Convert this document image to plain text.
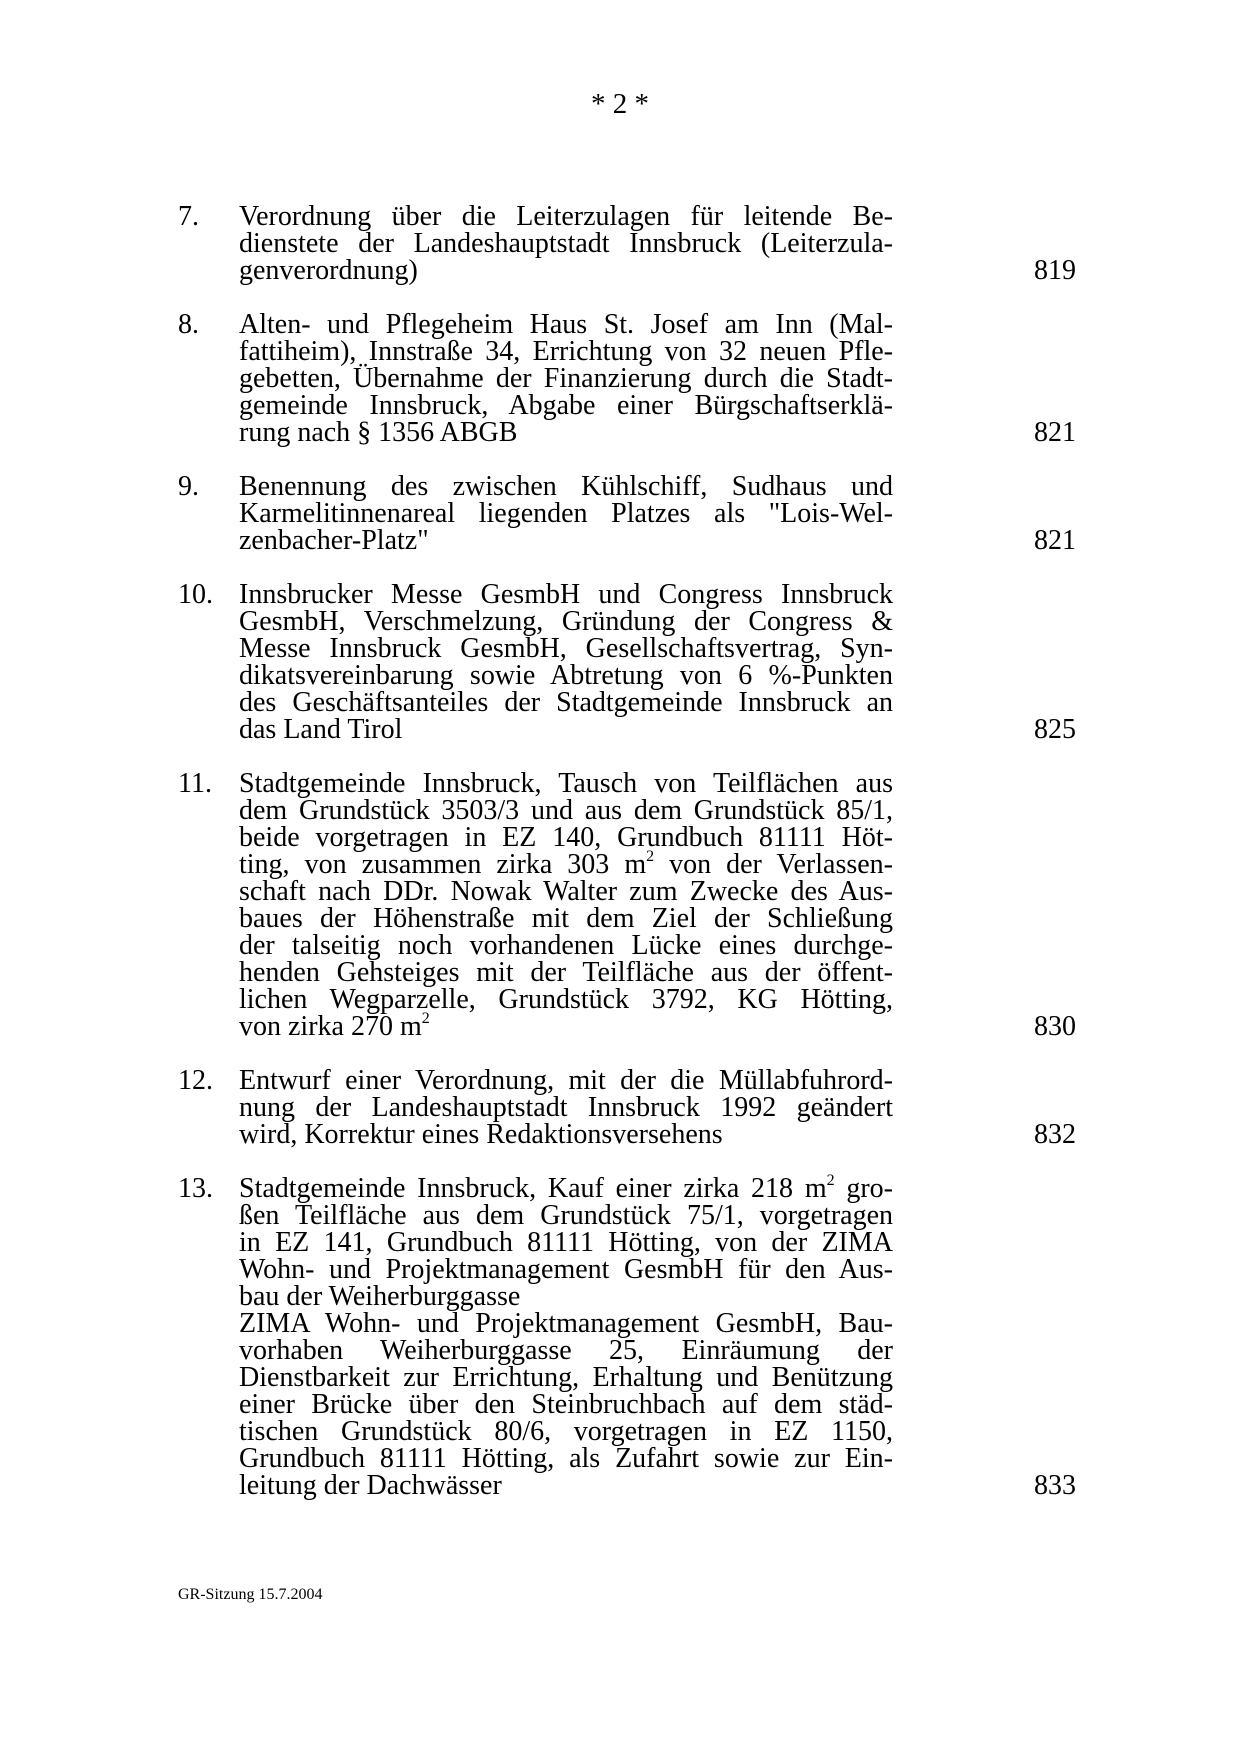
* 2 *
7. Verordnung über die Leiterzulagen für leitende Be-
dienstete der Landeshauptstadt Innsbruck (Leiterzula-
genverordnung)	819
8. Alten- und Pflegeheim Haus St. Josef am Inn (Mal-
fattiheim), Innstraße 34, Errichtung von 32 neuen Pfle-
gebetten, Übernahme der Finanzierung durch die Stadt-
gemeinde Innsbruck, Abgabe einer Bürgschaftserklä-
rung nach § 1356 ABGB	821
9. Benennung des zwischen Kühlschiff, Sudhaus und
Karmelitinnenareal liegenden Platzes als "Lois-Wel-
zenbacher-Platz"	821
10. Innsbrucker Messe GesmbH und Congress Innsbruck
GesmbH, Verschmelzung, Gründung der Congress &
Messe Innsbruck GesmbH, Gesellschaftsvertrag, Syn-
dikatsvereinbarung sowie Abtretung von 6 %-Punkten
des Geschäftsanteiles der Stadtgemeinde Innsbruck an
das Land Tirol	825
11. Stadtgemeinde Innsbruck, Tausch von Teilflächen aus
dem Grundstück 3503/3 und aus dem Grundstück 85/1,
beide vorgetragen in EZ 140, Grundbuch 81111 Höt-
ting, von zusammen zirka 303 $m^2$ von der Verlassen-
schaft nach DDr. Nowak Walter zum Zwecke des Aus-
baues der Höhenstraße mit dem Ziel der Schließung
der talseitig noch vorhandenen Lücke eines durchge-
henden Gehsteiges mit der Teilfläche aus der öffent-
lichen Wegparzelle, Grundstück 3792, KG Hötting,
von zirka 270 $m^2$	830
12. Entwurf einer Verordnung, mit der die Müllabfuhrord-
nung der Landeshauptstadt Innsbruck 1992 geändert
wird, Korrektur eines Redaktionsversehens	832
13. Stadtgemeinde Innsbruck, Kauf einer zirka 218 $m^2$ gro-
ßen Teilfläche aus dem Grundstück 75/1, vorgetragen
in EZ 141, Grundbuch 81111 Hötting, von der ZIMA
Wohn- und Projektmanagement GesmbH für den Aus-
bau der Weiherburggasse
ZIMA Wohn- und Projektmanagement GesmbH, Bau-
vorhaben Weiherburggasse 25, Einräumung der
Dienstbarkeit zur Errichtung, Erhaltung und Benützung
einer Brücke über den Steinbruchbach auf dem städ-
tischen Grundstück 80/6, vorgetragen in EZ 1150,
Grundbuch 81111 Hötting, als Zufahrt sowie zur Ein-
leitung der Dachwässer	833
GR-Sitzung 15.7.2004
